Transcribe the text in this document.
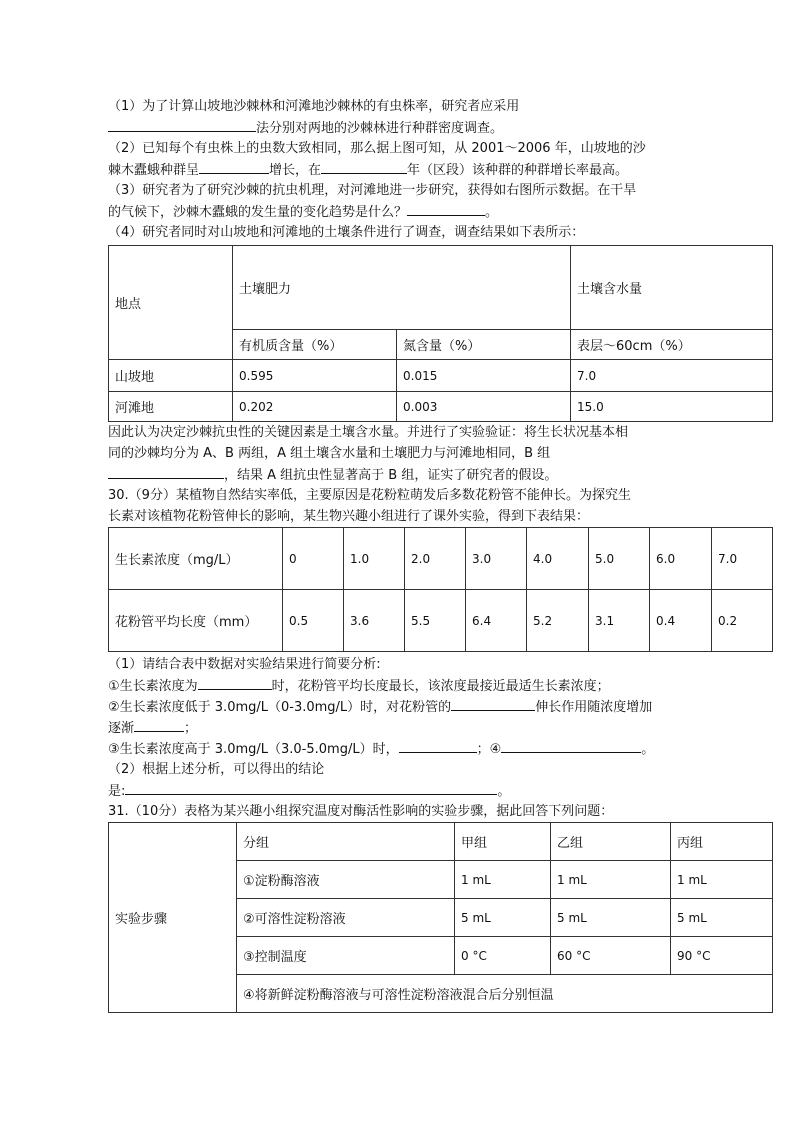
（1）为了计算山坡地沙棘林和河滩地沙棘林的有虫株率，研究者应采用
法分别对两地的沙棘林进行种群密度调查。
（2）已知每个有虫株上的虫数大致相同，那么据上图可知，从 2001～2006 年，山坡地的沙
棘木蠹蛾种群呈	增长，在	年（区段）该种群的种群增长率最高。
（3）研究者为了研究沙棘的抗虫机理，对河滩地进一步研究，获得如右图所示数据。在干旱
的气候下，沙棘木蠹蛾的发生量的变化趋势是什么？	。
（4）研究者同时对山坡地和河滩地的土壤条件进行了调查，调查结果如下表所示：
地点	土壤肥力		土壤含水量
	有机质含量（%）	氮含量（%）	表层～60cm（%）
山坡地	0.595	0.015	7.0
河滩地	0.202	0.003	15.0
因此认为决定沙棘抗虫性的关键因素是土壤含水量。并进行了实验验证：将生长状况基本相
同的沙棘均分为 A、B 两组，A 组土壤含水量和土壤肥力与河滩地相同，B 组
，结果 A 组抗虫性显著高于 B 组，证实了研究者的假设。
30.（9分）某植物自然结实率低，主要原因是花粉粒萌发后多数花粉管不能伸长。为探究生
长素对该植物花粉管伸长的影响，某生物兴趣小组进行了课外实验，得到下表结果：
生长素浓度（mg/L）	0	1.0	2.0	3.0	4.0	5.0	6.0	7.0
花粉管平均长度（mm）	0.5	3.6	5.5	6.4	5.2	3.1	0.4	0.2
（1）请结合表中数据对实验结果进行简要分析:
①生长素浓度为	时，花粉管平均长度最长，该浓度最接近最适生长素浓度；
②生长素浓度低于 3.0mg/L（0-3.0mg/L）时，对花粉管的	伸长作用随浓度增加
逐渐	；
③生长素浓度高于 3.0mg/L（3.0-5.0mg/L）时，	；④	。
（2）根据上述分析，可以得出的结论
是:	。
31.（10分）表格为某兴趣小组探究温度对酶活性影响的实验步骤，据此回答下列问题：
实验步骤	分组	甲组	乙组	丙组
	①淀粉酶溶液	1 mL	1 mL	1 mL
	②可溶性淀粉溶液	5 mL	5 mL	5 mL
	③控制温度	0 °C	60 °C	90 °C
	④将新鲜淀粉酶溶液与可溶性淀粉溶液混合后分别恒温			
